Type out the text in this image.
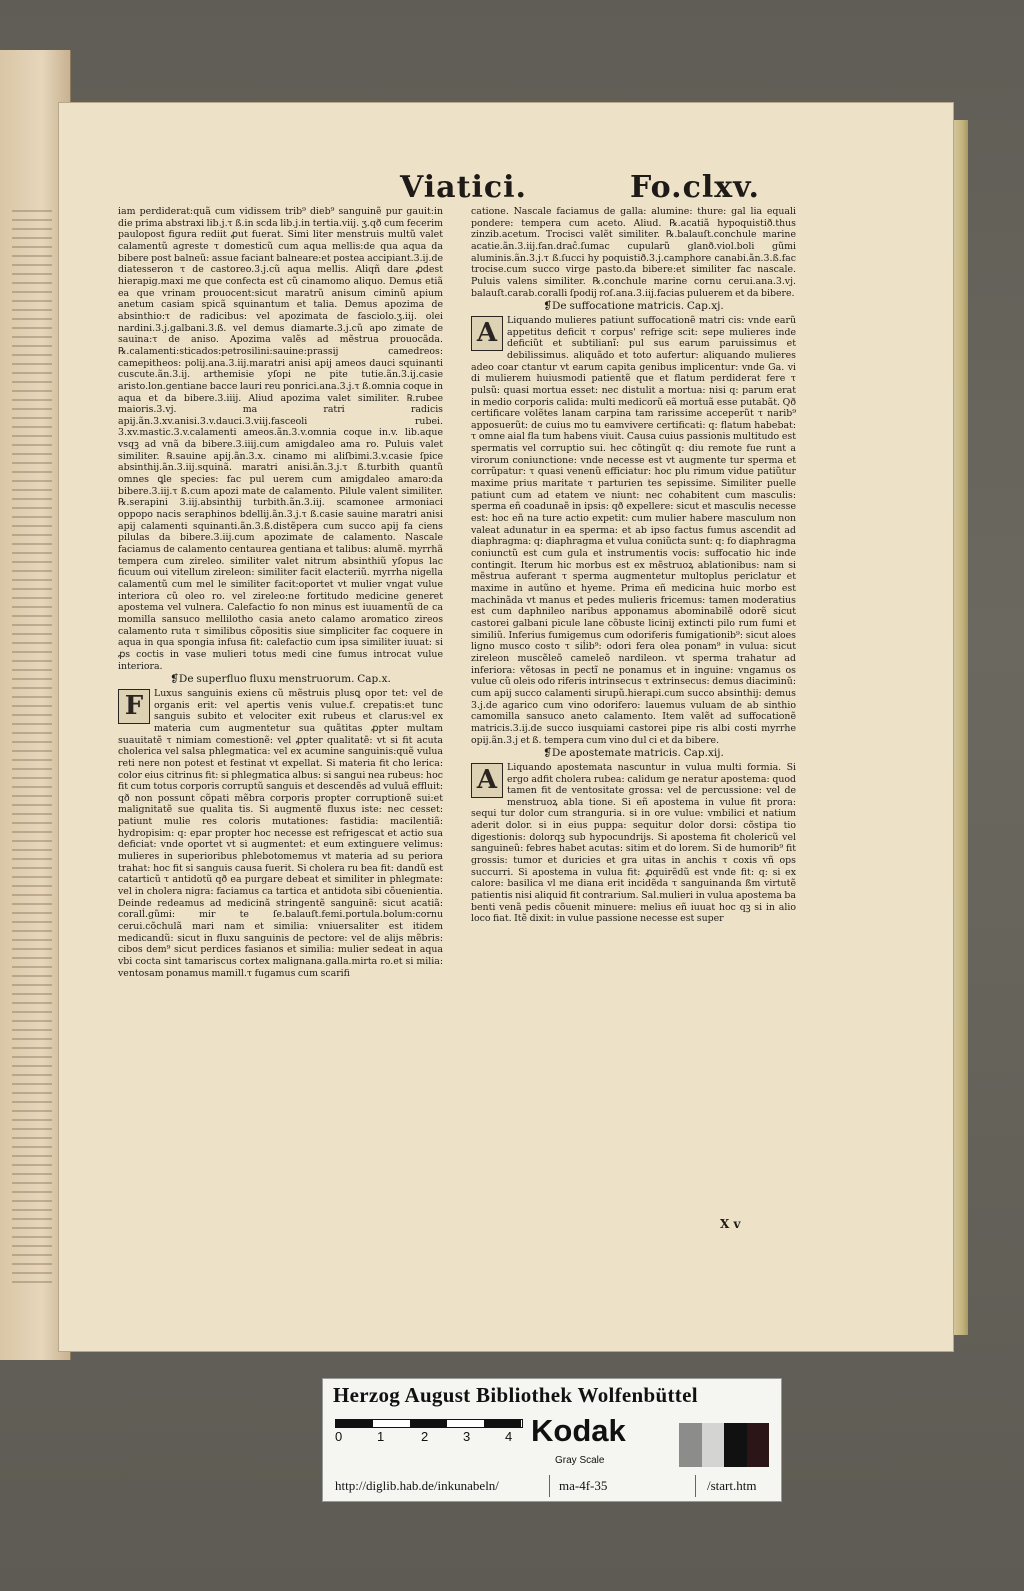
Viatici.	Fo.clxv.

iam perdiderat:quã cum vidissem trib⁹ dieb⁹ sanguinẽ pur gauit:in die prima abstraxi lib.j.τ ß.in scda lib.j.in tertia.viij. ʒ.qð cum fecerim paulopost figura rediit ꝓut fuerat. Simi liter menstruis multũ valet calamentũ agreste τ domesticũ cum aqua mellis:de qua aqua da bibere post balneũ: assue faciant balneare:et postea accipiant.3.ij.de diatesseron τ de castoreo.3.j.cũ aqua mellis. Aliqñ dare ꝓdest hierapig.maxi me que confecta est cũ cinamomo aliquo. Demus etiã ea que vrinam prouocent:sicut maratrũ anisum ciminũ apium anetum casiam spicã squinantum et talia. Demus apozima de absinthio:τ de radicibus: vel apozimata de fasciolo.ʒ.iij. olei nardini.3.j.galbani.3.ß. vel demus diamarte.3.j.cũ apo zimate de sauina:τ de aniso. Apozima valẽs ad mẽstrua prouocãda. ℞.calamenti:sticados:petrosilini:sauine:prassij camedreos: camepitheos: polij.ana.3.iij.maratri anisi apij ameos dauci squinanti cuscute.ãn.3.ij. arthemisie yſopi ne pite tutie.ãn.3.ij.casie aristo.lon.gentiane bacce lauri reu ponrici.ana.3.j.τ ß.omnia coque in aqua et da bibere.3.iiij. Aliud apozima valet similiter. ℞.rubee maioris.3.vj. ma ratri radicis apij.ãn.3.xv.anisi.3.v.dauci.3.viij.fasceoli rubei. 3.xv.mastic.3.v.calamenti ameos.ãn.3.v.omnia coque in.v. lib.aque vsqꝫ ad vnã da bibere.3.iiij.cum amigdaleo ama ro. Puluis valet similiter. ℞.sauine apij.ãn.3.x. cinamo mi aliſbimi.3.v.casie ſpice absinthij.ãn.3.iij.squinã. maratri anisi.ãn.3.j.τ ß.turbith quantũ omnes ꝗle species: fac pul uerem cum amigdaleo amaro:da bibere.3.iij.τ ß.cum apozi mate de calamento. Pilule valent similiter. ℞.serapini 3.iij.absinthij turbith.ãn.3.iij. scamonee armoniaci oppopo nacis seraphinos bdellij.ãn.3.j.τ ß.casie sauine maratri anisi apij calamenti squinanti.ãn.3.ß.distẽpera cum succo apij fa ciens pilulas da bibere.3.iij.cum apozimate de calamento. Nascale faciamus de calamento centaurea gentiana et talibus: alumẽ. myrrhã tempera cum zireleo. similiter valet nitrum absinthiũ yſopus lac ficuum oui vitellum zireleon: similiter facit elacteriũ. myrrha nigella calamentũ cum mel le similiter facit:oportet vt mulier vngat vulue interiora cũ oleo ro. vel zireleo:ne fortitudo medicine generet apostema vel vulnera. Calefactio fo non minus est iuuamentũ de ca momilla sansuco mellilotho casia aneto calamo aromatico zireos calamento ruta τ similibus cõpositis siue simpliciter fac coquere in aqua in qua spongia infusa fit: calefactio cum ipsa similiter iuuat: si ꝓs coctis in vase mulieri totus medi cine fumus introcat vulue interiora.

❡De superfluo fluxu menstruorum. Cap.x.

F	Luxus sanguinis exiens cũ mẽstruis plusꝗ opor tet: vel de organis erit: vel apertis venis vulue.f. crepatis:et tunc sanguis subito et velociter exit rubeus et clarus:vel ex materia cum augmentetur sua quãtitas ꝓpter multam suauitatẽ τ nimiam comestionẽ: vel ꝓpter qualitatẽ: vt si fit acuta cholerica vel salsa phlegmatica: vel ex acumine sanguinis:quẽ vulua reti nere non potest et festinat vt expellat. Si materia fit cho lerica: color eius citrinus fit: si phlegmatica albus: si sangui nea rubeus: hoc fit cum totus corporis corruptũ sanguis et descendẽs ad vuluã effluit: qð non possunt cõpati mẽbra corporis propter corruptionẽ sui:et malignitatẽ sue qualita tis. Si augmentẽ fluxus iste: nec cesset: patiunt mulie res coloris mutationes: fastidia: macilentiã: hydropisim: q: epar propter hoc necesse est refrigescat et actio sua deficiat: vnde oportet vt si augmentet: et eum extinguere velimus: mulieres in superioribus phlebotomemus vt materia ad su periora trahat: hoc fit si sanguis causa fuerit. Si cholera ru bea fit: dandũ est catarticũ τ antidotũ qð ea purgare debeat et similiter in phlegmate: vel in cholera nigra: faciamus ca tartica et antidota sibi cõuenientia. Deinde redeamus ad medicinã stringentẽ sanguinẽ: sicut acatiã: coralĺ.gũmi: mir te ſe.balauſt.femi.portula.bolum:cornu cerui.cõchulã mari nam et similia: vniuersaliter est itidem medicandũ: sicut in fluxu sanguinis de pectore: vel de alijs mẽbris: cibos dem⁹ sicut perdices fasianos et similia: mulier sedeat in aqua vbi cocta sint tamariscus cortex malignana.galla.mirta ro.et si milia: ventosam ponamus mamill.τ fugamus cum scarifi

catione. Nascale faciamus de galla: alumine: thure: gal lia equali pondere: tempera cum aceto. Aliud. ℞.acatiã hypoquistið.thus zinzib.acetum. Trocisci valẽt similiter. ℞.balauſt.conchule marine acatie.ãn.3.iij.fan.draĉ.ſumac cupularũ glanð.viol.boli gũmi aluminis.ãn.3.j.τ ß.ſucci hy poquistið.3.j.camphore canabi.ãn.3.ß.fac trocise.cum succo virge pasto.da bibere:et similiter fac nascale. Puluis valens similiter. ℞.conchule marine cornu cerui.ana.3.vj. balauſt.carab.coralli ſpodij roſ.ana.3.iij.facias puluerem et da bibere.

❡De suffocatione matricis. Cap.xj.

A	Liquando mulieres patiunt suffocationẽ matri cis: vnde earũ appetitus deficit τ corpus' refrige scit: sepe mulieres inde deficiũt et subtilianĩ: pul sus earum paruissimus et debilissimus. aliquãdo et toto aufertur: aliquando mulieres adeo coar ctantur vt earum capita genibus implicentur: vnde Ga. vi di mulierem huiusmodi patientẽ que et flatum perdiderat fere τ pulsũ: quasi mortua esset: nec distulit a mortua: nisi q: parum erat in medio corporis calida: multi medicorũ eã mortuã esse putabãt. Qð certificare volẽtes lanam carpina tam rarissime acceperũt τ narib⁹ apposuerũt: de cuius mo tu eamvivere certificati: q: flatum habebat: τ omne aial fla tum habens viuit. Causa cuius passionis multitudo est spermatis vel corruptio sui. hec cõtingũt q: diu remote fue runt a virorum coniunctione: vnde necesse est vt augmente tur sperma et corrũpatur: τ quasi venenũ efficiatur: hoc plu rimum vidue patiũtur maxime prius maritate τ parturien tes sepissime. Similiter puelle patiunt cum ad etatem ve niunt: nec cohabitent cum masculis: sperma eñ coadunaẽ in ipsis: qð expellere: sicut et masculis necesse est: hoc eñ na ture actio expetit: cum mulier habere masculum non valeat adunatur in ea sperma: et ab ipso factus fumus ascendit ad diaphragma: q: diaphragma et vulua coniũcta sunt: q: fo diaphragma coniunctũ est cum gula et instrumentis vocis: suffocatio hic inde contingit. Iterum hic morbus est ex mẽstruoꝝ ablationibus: nam si mẽstrua auferant τ sperma augmentetur multoplus periclatur et maxime in autũno et hyeme. Prima eñ medicina huic morbo est machinãda vt manus et pedes mulieris fricemus: tamen moderatius est cum daphnileo naribus apponamus abominabilẽ odorẽ sicut castorei galbani picule lane cõbuste licinij extincti pilo rum fumi et similiũ. Inferius fumigemus cum odoriferis fumigationib⁹: sicut aloes ligno musco costo τ siĺib⁹: odori fera olea ponam⁹ in vulua: sicut zireleon muscẽleõ cameleõ nardileon. vt sperma trahatur ad inferiora: vẽtosas in pectĩ ne ponamus et in inguine: vngamus os vulue cũ oleis odo riferis intrinsecus τ extrinsecus: demus diaciminũ: cum apij succo calamenti sirupũ.hierapi.cum succo absinthij: demus 3.j.de agarico cum vino odorifero: lauemus vuluam de ab sinthio camomilla sansuco aneto calamento. Item valẽt ad suffocationẽ matricis.3.ij.de succo iusquiami castorei pipe ris albi costi myrrhe opij.ãn.3.j et ß. tempera cum vino dul ci et da bibere.

❡De apostemate matricis. Cap.xij.

A	Liquando apostemata nascuntur in vulua multi formia. Si ergo adfit cholera rubea: calidum ge neratur apostema: quod tamen fit de ventositate grossa: vel de percussione: vel de menstruoꝝ abla tione. Si eñ apostema in vulue fit prora: sequi tur dolor cum stranguria. si in ore vulue: vmbilici et natium aderit dolor. si in eius puppa: sequitur dolor dorsi: cõstipa tio digestionis: dolorqꝫ sub hypocundrijs. Si apostema fit cholericũ vel sanguineũ: febres habet acutas: sitim et do lorem. Si de humorib⁹ fit grossis: tumor et duricies et gra uitas in anchis τ coxis vñ ops succurri. Si apostema in vulua fit: ꝓquirẽdũ est vnde fit: q: si ex calore: basilica vl me diana erit incidẽda τ sanguinanda ßm virtutẽ patientis nisi aliquid fit contrarium. Sal.mulieri in vulua apostema ba benti venã pedis cõuenit minuere: melius eñ iuuat hoc qꝫ si in alio loco fiat. Itẽ dixit: in vulue passione necesse est super

X v
Herzog August Bibliothek Wolfenbüttel
0	1	2	3	4 Kodak
Gray Scale
http://diglib.hab.de/inkunabeln/	ma-4f-35	/start.htm
